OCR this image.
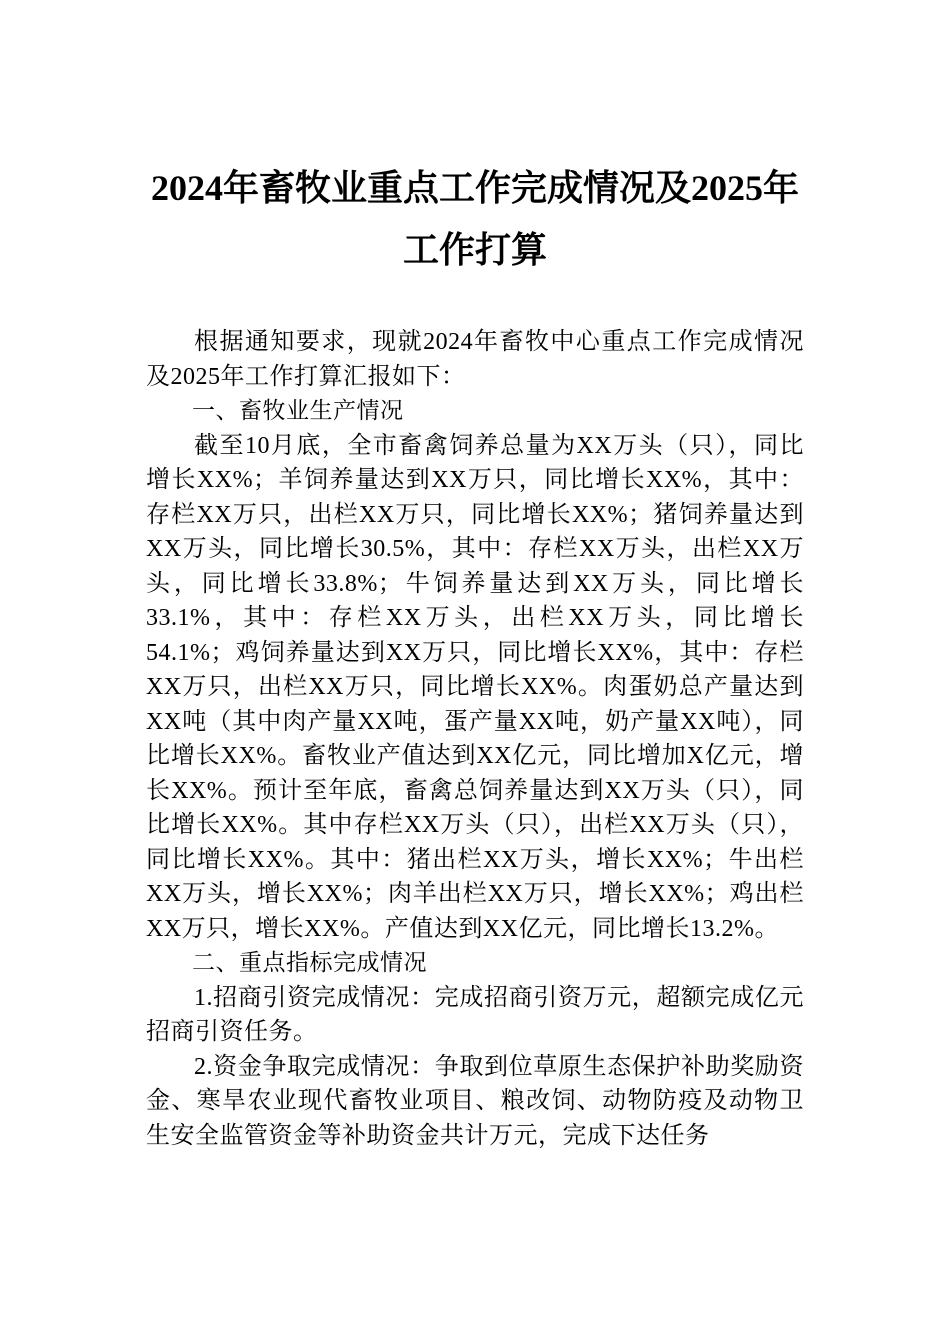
2024年畜牧业重点工作完成情况及2025年
工作打算

根据通知要求，现就2024年畜牧中心重点工作完成情况及2025年工作打算汇报如下：

一、畜牧业生产情况

截至10月底，全市畜禽饲养总量为XX万头（只），同比增长XX%；羊饲养量达到XX万只，同比增长XX%，其中：存栏XX万只，出栏XX万只，同比增长XX%；猪饲养量达到XX万头，同比增长30.5%，其中：存栏XX万头，出栏XX万头，同比增长33.8%；牛饲养量达到XX万头，同比增长33.1%，其中：存栏XX万头，出栏XX万头，同比增长54.1%；鸡饲养量达到XX万只，同比增长XX%，其中：存栏XX万只，出栏XX万只，同比增长XX%。肉蛋奶总产量达到XX吨（其中肉产量XX吨，蛋产量XX吨，奶产量XX吨），同比增长XX%。畜牧业产值达到XX亿元，同比增加X亿元，增长XX%。预计至年底，畜禽总饲养量达到XX万头（只），同比增长XX%。其中存栏XX万头（只），出栏XX万头（只），同比增长XX%。其中：猪出栏XX万头，增长XX%；牛出栏XX万头，增长XX%；肉羊出栏XX万只，增长XX%；鸡出栏XX万只，增长XX%。产值达到XX亿元，同比增长13.2%。

二、重点指标完成情况

1.招商引资完成情况：完成招商引资万元，超额完成亿元招商引资任务。

2.资金争取完成情况：争取到位草原生态保护补助奖励资金、寒旱农业现代畜牧业项目、粮改饲、动物防疫及动物卫生安全监管资金等补助资金共计万元，完成下达任务
